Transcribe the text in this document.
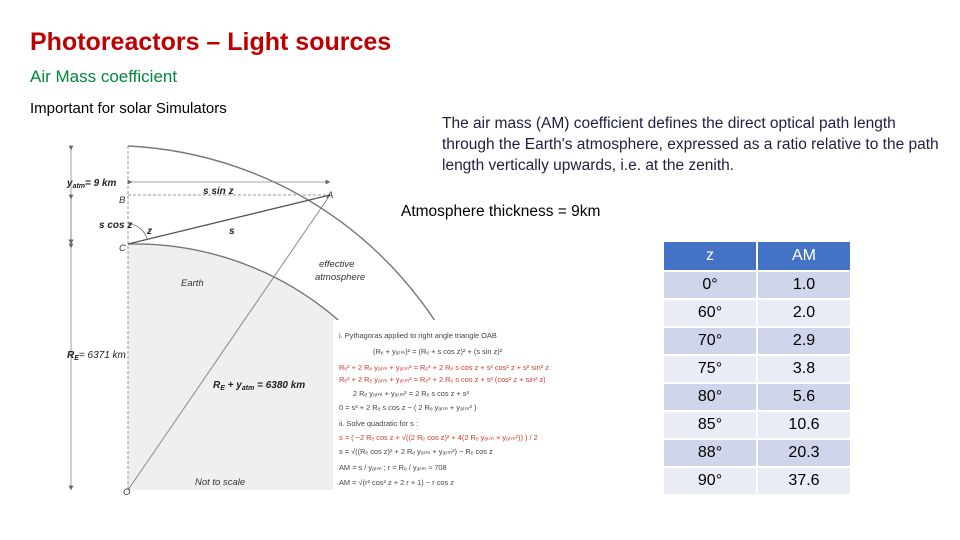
Photoreactors – Light sources
Air Mass coefficient
Important for solar Simulators
The air mass (AM) coefficient defines the direct optical path length through the Earth's atmosphere, expressed as a ratio relative to the path length vertically upwards, i.e. at the zenith.
Atmosphere thickness = 9km
$y_{atm}= 9$ km
s sin z
s cos z
A
B
C
O
z	s
Earth
effective
atmosphere
$R_E= 6371$ km
$R_E + y_{atm} = 6380$ km
Not to scale
i. Pythagoras applied to right angle triangle OAB
(Rₑ + yₐₜₘ)² = (Rₑ + s cos z)² + (s sin z)²
Rₑ² + 2 Rₑ yₐₜₘ + yₐₜₘ² = Rₑ² + 2 Rₑ s cos z + s² cos² z + s² sin² z
Rₑ² + 2 Rₑ yₐₜₘ + yₐₜₘ² = Rₑ² + 2 Rₑ s cos z + s² (cos² z + sin² z)
2 Rₑ yₐₜₘ + yₐₜₘ² = 2 Rₑ s cos z + s²
0 = s² + 2 Rₑ s cos z − ( 2 Rₑ yₐₜₘ + yₐₜₘ² )
ii. Solve quadratic for s :
s = ( −2 Rₑ cos z + √((2 Rₑ cos z)² + 4(2 Rₑ yₐₜₘ + yₐₜₘ²)) ) / 2
s = √((Rₑ cos z)² + 2 Rₑ yₐₜₘ + yₐₜₘ²) − Rₑ cos z
AM = s / yₐₜₘ ; r = Rₑ / yₐₜₘ ≈ 708
AM = √(r² cos² z + 2 r + 1) − r cos z
z	AM
0°	1.0
60°	2.0
70°	2.9
75°	3.8
80°	5.6
85°	10.6
88°	20.3
90°	37.6
